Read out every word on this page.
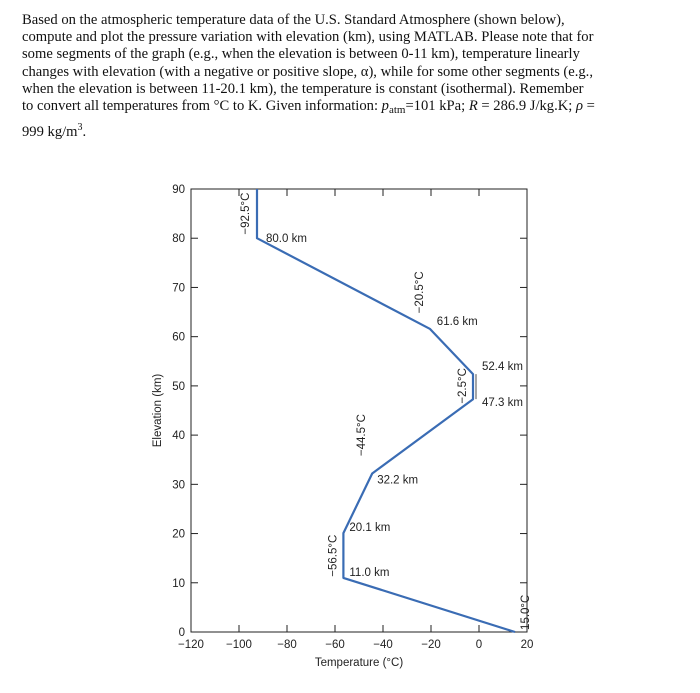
Based on the atmospheric temperature data of the U.S. Standard Atmosphere (shown below),

compute and plot the pressure variation with elevation (km), using MATLAB. Please note that for

some segments of the graph (e.g., when the elevation is between 0-11 km), temperature linearly

changes with elevation (with a negative or positive slope, α), while for some other segments (e.g.,

when the elevation is between 11-20.1 km), the temperature is constant (isothermal). Remember

to convert all temperatures from °C to K. Given information: $p_{atm}=101$ kPa; R = 286.9 J/kg.K; ρ =

999 $kg/m^3$.

−120 −100 −80 −60 −40 −20	0	20
0
10
20
30
40
50
60
70
80
90
80.0 km
61.6 km
52.4 km
47.3 km
32.2 km
20.1 km
11.0 km
−92.5°C
−20.5°C
−2.5°C
−44.5°C
−56.5°C
15.0°C
Temperature (°C)
Elevation (km)
